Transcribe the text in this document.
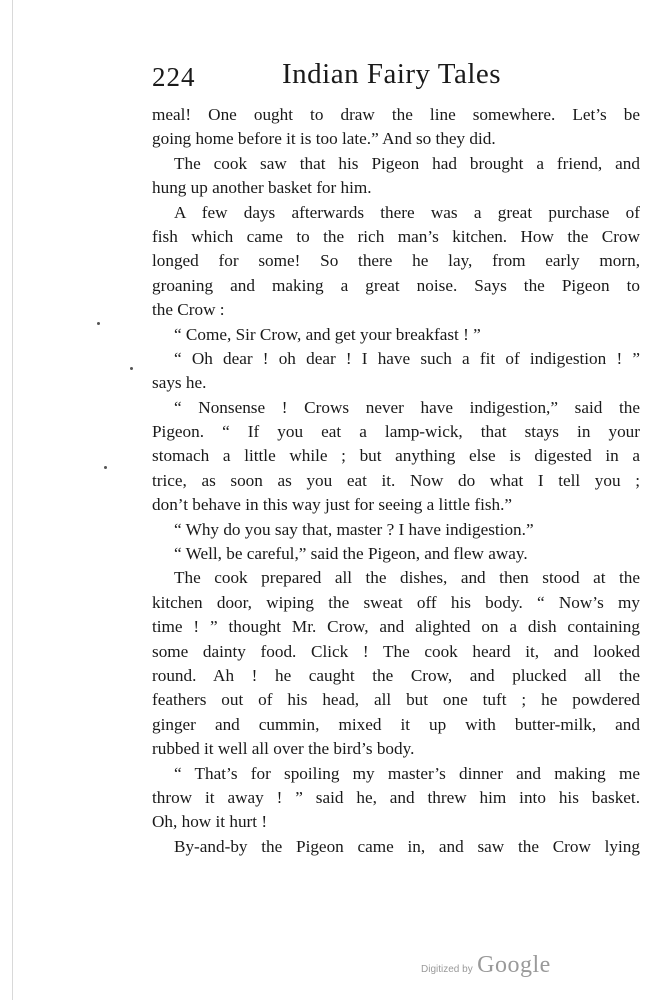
224	Indian Fairy Tales
meal! One ought to draw the line somewhere. Let’s be
going home before it is too late.” And so they did.
The cook saw that his Pigeon had brought a friend, and
hung up another basket for him.
A few days afterwards there was a great purchase of
fish which came to the rich man’s kitchen. How the Crow
longed for some! So there he lay, from early morn,
groaning and making a great noise. Says the Pigeon to
the Crow :
“ Come, Sir Crow, and get your breakfast ! ”
“ Oh dear ! oh dear ! I have such a fit of indigestion ! ”
says he.
“ Nonsense ! Crows never have indigestion,” said the
Pigeon. “ If you eat a lamp-wick, that stays in your
stomach a little while ; but anything else is digested in a
trice, as soon as you eat it. Now do what I tell you ;
don’t behave in this way just for seeing a little fish.”
“ Why do you say that, master ? I have indigestion.”
“ Well, be careful,” said the Pigeon, and flew away.
The cook prepared all the dishes, and then stood at the
kitchen door, wiping the sweat off his body. “ Now’s my
time ! ” thought Mr. Crow, and alighted on a dish containing
some dainty food. Click ! The cook heard it, and looked
round. Ah ! he caught the Crow, and plucked all the
feathers out of his head, all but one tuft ; he powdered
ginger and cummin, mixed it up with butter-milk, and
rubbed it well all over the bird’s body.
“ That’s for spoiling my master’s dinner and making me
throw it away ! ” said he, and threw him into his basket.
Oh, how it hurt !
By-and-by the Pigeon came in, and saw the Crow lying
Digitized by Google
